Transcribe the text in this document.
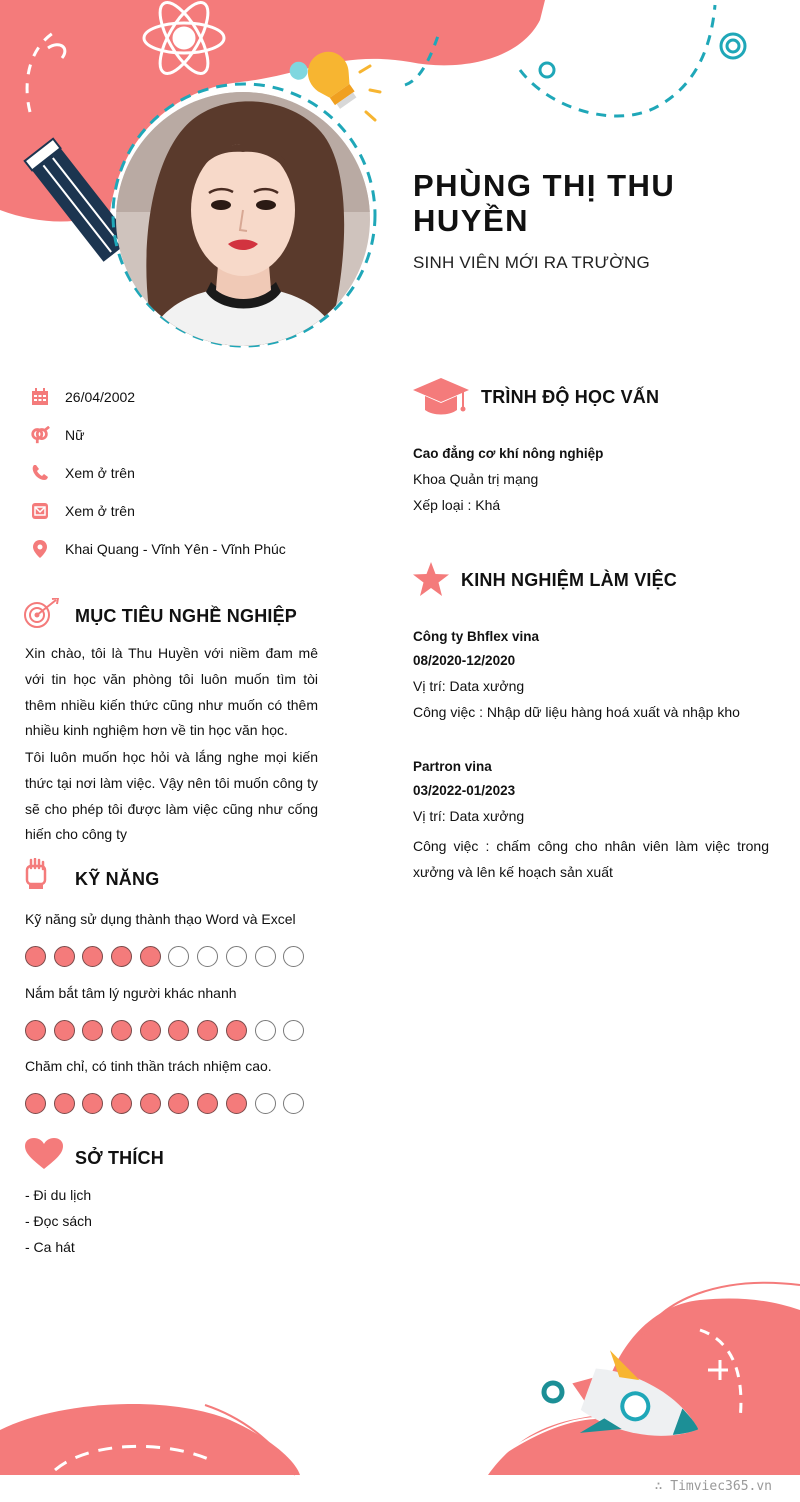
PHÙNG THỊ THU HUYỀN
SINH VIÊN MỚI RA TRƯỜNG
26/04/2002
Nữ
Xem ở trên
Xem ở trên
Khai Quang - Vĩnh Yên - Vĩnh Phúc
MỤC TIÊU NGHỀ NGHIỆP
Xin chào, tôi là Thu Huyền với niềm đam mê với tin học văn phòng tôi luôn muốn tìm tòi thêm nhiều kiến thức cũng như muốn có thêm nhiều kinh nghiệm hơn về tin học văn học.
Tôi luôn muốn học hỏi và lắng nghe mọi kiến thức tại nơi làm việc. Vậy nên tôi muốn công ty sẽ cho phép tôi được làm việc cũng như cống hiến cho công ty
KỸ NĂNG
Kỹ năng sử dụng thành thạo Word và Excel
Nắm bắt tâm lý người khác nhanh
Chăm chỉ, có tinh thần trách nhiệm cao.
SỞ THÍCH
- Đi du lịch
- Đọc sách
- Ca hát
TRÌNH ĐỘ HỌC VẤN
Cao đẳng cơ khí nông nghiệp
Khoa Quản trị mạng
Xếp loại : Khá
KINH NGHIỆM LÀM VIỆC
Công ty Bhflex vina
08/2020-12/2020
Vị trí: Data xưởng
Công việc : Nhập dữ liệu hàng hoá xuất và nhập kho
Partron vina
03/2022-01/2023
Vị trí: Data xưởng
Công việc : chấm công cho nhân viên làm việc trong xưởng và lên kế hoạch sản xuất
∴ Timviec365.vn
